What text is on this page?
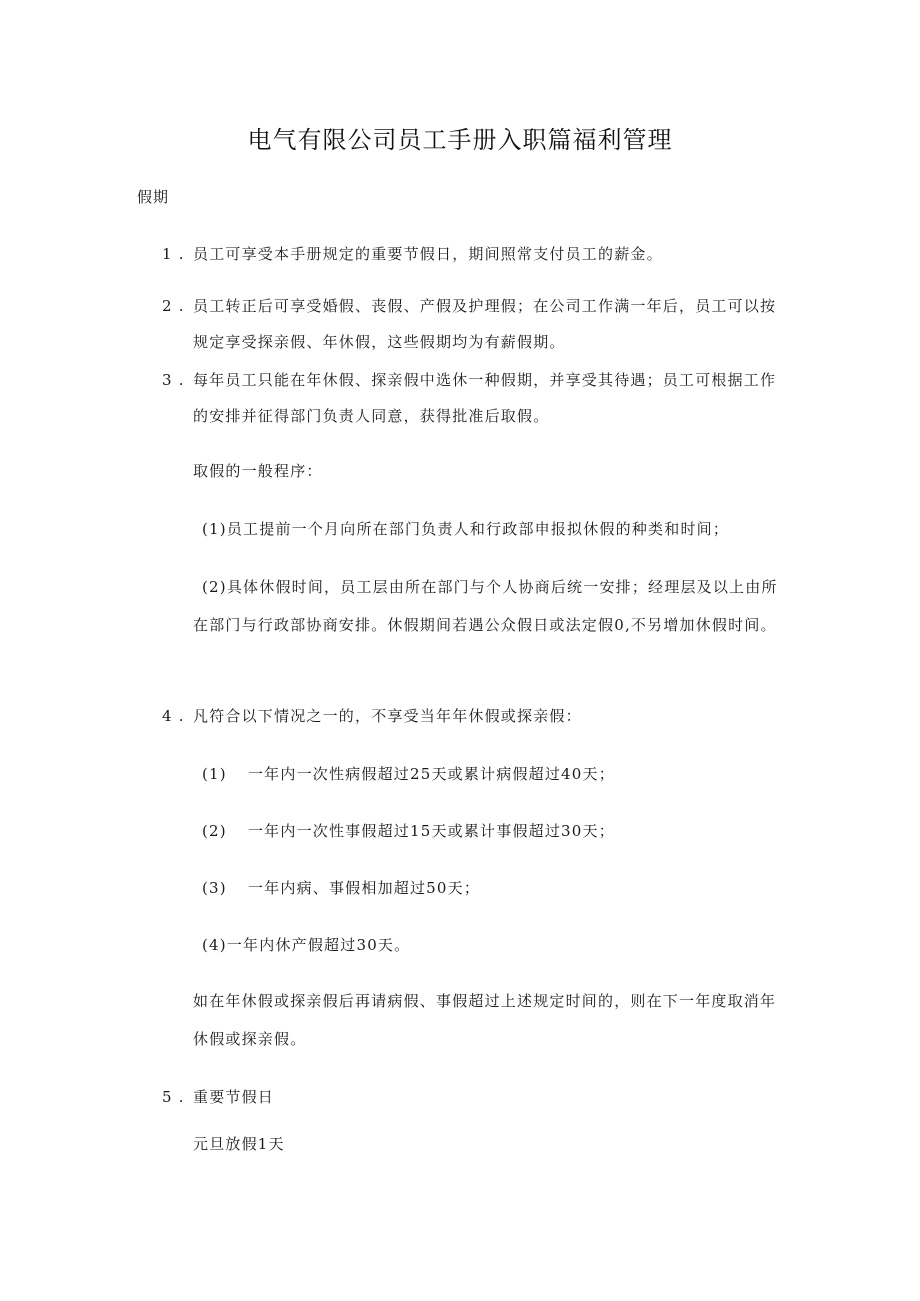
电气有限公司员工手册入职篇福利管理
假期
1 . 员工可享受本手册规定的重要节假日，期间照常支付员工的薪金。
2 . 员工转正后可享受婚假、丧假、产假及护理假；在公司工作满一年后，员工可以按规定享受探亲假、年休假，这些假期均为有薪假期。
3 . 每年员工只能在年休假、探亲假中选休一种假期，并享受其待遇；员工可根据工作的安排并征得部门负责人同意，获得批准后取假。
取假的一般程序：
(1)员工提前一个月向所在部门负责人和行政部申报拟休假的种类和时间；
(2)具体休假时间，员工层由所在部门与个人协商后统一安排；经理层及以上由所在部门与行政部协商安排。休假期间若遇公众假日或法定假0,不另增加休假时间。
4 . 凡符合以下情况之一的，不享受当年年休假或探亲假：
(1) 一年内一次性病假超过25天或累计病假超过40天；
(2) 一年内一次性事假超过15天或累计事假超过30天；
(3) 一年内病、事假相加超过50天；
(4)一年内休产假超过30天。
如在年休假或探亲假后再请病假、事假超过上述规定时间的，则在下一年度取消年休假或探亲假。
5 . 重要节假日
元旦放假1天
